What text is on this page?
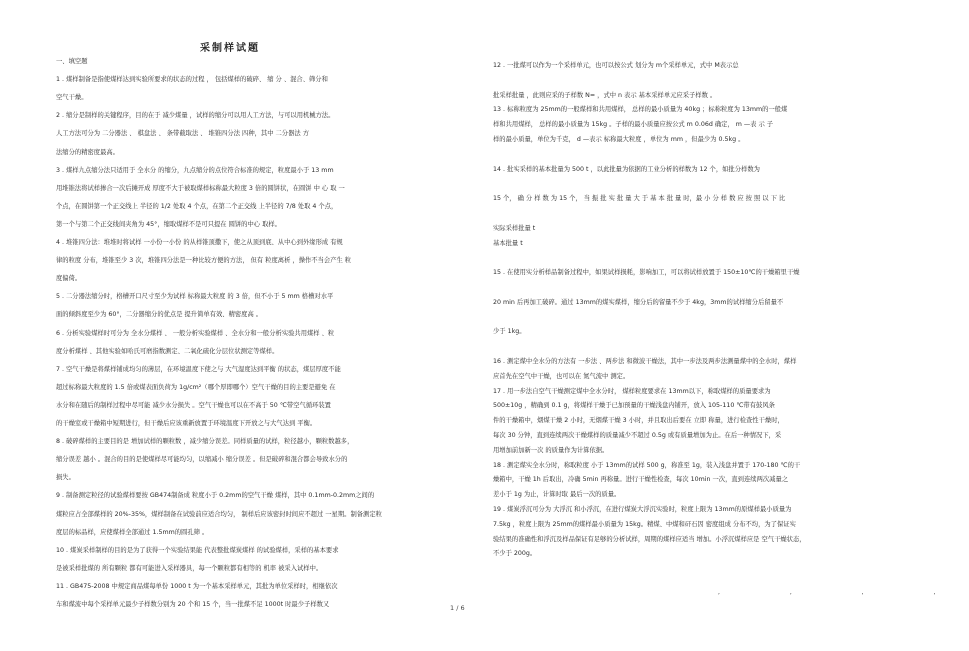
采制样试题
一、填空题
1 . 煤样制备是指使煤样达到实验所要求的状态的过程 ， 包括煤样的破碎、 缩 分 、混合、筛分和
空气干燥。
2 . 缩分是制样的关键程序，目的在于 减少煤量 ，试样的缩分可以用人工方法，与可以用机械方法。
人工方法可分为 二分器法 、 棋盘法 、 条带截取法 、 堆锥四分法 四种，其中 二分器法 方
法缩分的精密度最高。
3 . 煤样九点缩分法只适用于 全水分 的缩分，九点缩分的点位符合标准的规定，粒度最小于 13 mm
用堆锥法将试样掺合一次后摊开成 厚度不大于被取煤样标称最大粒度 3 倍的圆饼状，在圆饼 中 心 取 一
个点，在圆饼第一个正交线上 半径的 1/2 处取 4 个点，在第二个正交线 上半径的 7/8 处取 4 个点，
第一个与第二个正交线间夹角为 45°，缩取煤样不是可只提在 圆饼的中心 取样。
4 . 堆锥四分法：堆堆时将试样 一小份一小份 的从样锥顶撒下，使之从顶到底、从中心到外缘形成 有规
律的粒度 分布，堆锥至少 3 次，堆锥四分法是一种比较方便的方法， 但有 粒度离析 ，操作不当会产生 粒
度偏倚。
5 . 二分器法缩分时，格槽开口尺寸至少为试样 标称最大粒度 的 3 倍，但不小于 5 mm 格槽对水平
面的倾斜度至少为 60°，二分器缩分的优点是 提升简单有效、精密度高 。
6 . 分析实验煤样时可分为 全水分煤样 、 一般分析实验煤样 、全水分和一般分析实验共用煤样 、粒
度分析煤样 、其他实验如哈氏可磨指数测定、二氧化硫化分层位状测定等煤样。
7 . 空气干燥是将煤样铺成均匀的薄层，在环境温度下使之与 大气湿度达到平衡 的状态，煤层厚度不能
超过标称最大粒度的 1.5 倍或煤表面负荷为 1g/cm²（哪个厚即哪个）空气干燥的目的主要是避免 在
水分和在随后的制样过程中尽可能 减少水分损失 。空气干燥也可以在不高于 50 ℃带空气循环装置
的干燥室或干燥箱中短期进行，但干燥后应该重新放置于环境温度下开放之与大气达到 平衡。
8 . 破碎煤样的主要目的是 增加试样的颗粒数 ，减少缩分误差。同样质量的试样，粒径越小，颗粒数越多，
缩分误差 越小 。混合的目的是使煤样尽可能均匀，以缩减小 缩分误差 。但是破碎和混合都会导致水分的
损失。
9 . 制备测定粒径的试验煤样要按 GB474制备成 粒度小于 0.2mm的空气干燥 煤样，其中 0.1mm-0.2mm之间的
煤粒应占全部煤样的 20%-35%，煤样制备在试验前应适合均匀， 制样后应该密封时间应不超过 一星期。制备测定粒
度层的标品样，应使煤样全部通过 1.5mm的圆孔筛 。
10 . 煤炭采样制样的目的是为了获得一个实验结果能 代表整批煤炭煤样 的试验煤样，采样的基本要求
是被采样批煤的 所有颗粒 都有可能进入采样器具，每一个颗粒都有相等的 机率 被采入试样中。
11 . GB475-2008 中规定商品煤每单份 1000 t 为一个基本采样单元，其批为单位采样时，相继依次
车和煤流中每个采样单元最少子样数分别为 20 个和 15 个，当一批煤不足 1000t 时最少子样数又
12 . 一批煤可以作为一个采样单元，也可以按公式 划分为 m个采样单元，式中 M表示总
批采样批量 ，此则应采的子样数 N= ，式中 n 表示 基本采样单元应采子样数 。
13 . 标称粒度为 25mm的一般煤样和共用煤样， 总样的最小质量为 40kg ；标称粒度为 13mm的一般煤
样和共用煤样， 总样的最小质量为 15kg 。子样的最小质量应按公式 m 0.06d 确定， m —表 示 子
样的最小质量，单位为千克， d —表示 标称最大粒度 ，单位为 mm ，但最少为 0.5kg 。
14 . 批实采样的基本批量为 500 t ，以此批量为依据的工业分析的样数为 12 个，如批分样数为
15 个， 确 分 样 数 为 15 个， 当 振 批 实 批 量 大 于 基 本 批 量 时，最 小 分 样 数 应 按 照 以 下 比
实际采样批量 t
基本批量 t
15 . 在使用实分析样品制备过程中，如果试样损耗，影响加工，可以将试样放置于 150±10℃的干燥箱里干燥
20 min 后再加工破碎。通过 13mm的煤实煤样，缩分后的留量不少于 4kg，3mm的试样缩分后留量不
少于 1kg。
16 . 测定煤中全水分的方法有 一步法 、两步法 和微波干燥法，其中一步法及两步法测量煤中的全水时，煤样
应首先在空气中干燥，也可以在 氮气流中 测定。
17 . 用一步法自空气干燥测定煤中全水分时， 煤样粒度要求在 13mm以下，称取煤样的质量要求为
500±10g ，精确到 0.1 g，将煤样干燥于已加预量的干燥浅盘内铺开，放入 105-110 ℃带有鼓风条
件的干燥箱中，烟煤干燥 2 小时，无烟煤干燥 3 小时，并且取出后要在 立即 称量，进行检查性干燥时，
每次 30 分钟，直到连续两次干燥煤样的质量减少不超过 0.5g 或有质量增加为止。在后一种情况下，采
用增加前加新一次 的质量作为计算依据。
18 . 测定煤实全水分时，称取粒度 小于 13mm的试样 500 g，称准至 1g，装入浅盘并置于 170-180 ℃的干
燥箱中，干燥 1h 后取出，冷确 5min 再称量。进行干燥性检查，每次 10min 一次，直到连续两次减量之
差小于 1g 为止，计算时取 最后一次的质量。
19 . 煤炭浮沉可分为 大浮沉 和小浮沉，在进行煤炭大浮沉实验时，粒度上限为 13mm的原煤样最小质量为
7.5kg ，粒度上限为 25mm的煤样最小质量为 15kg。精煤、中煤和矸石因 密度组成 分布不均，为了保证实
验结果的准确性和浮沉及样品保证有足够的分析试样，周期的煤样应适当 增加。小浮沉煤样应是 空气干燥状态，
不少于 200g。
, , , ,
1 / 6
